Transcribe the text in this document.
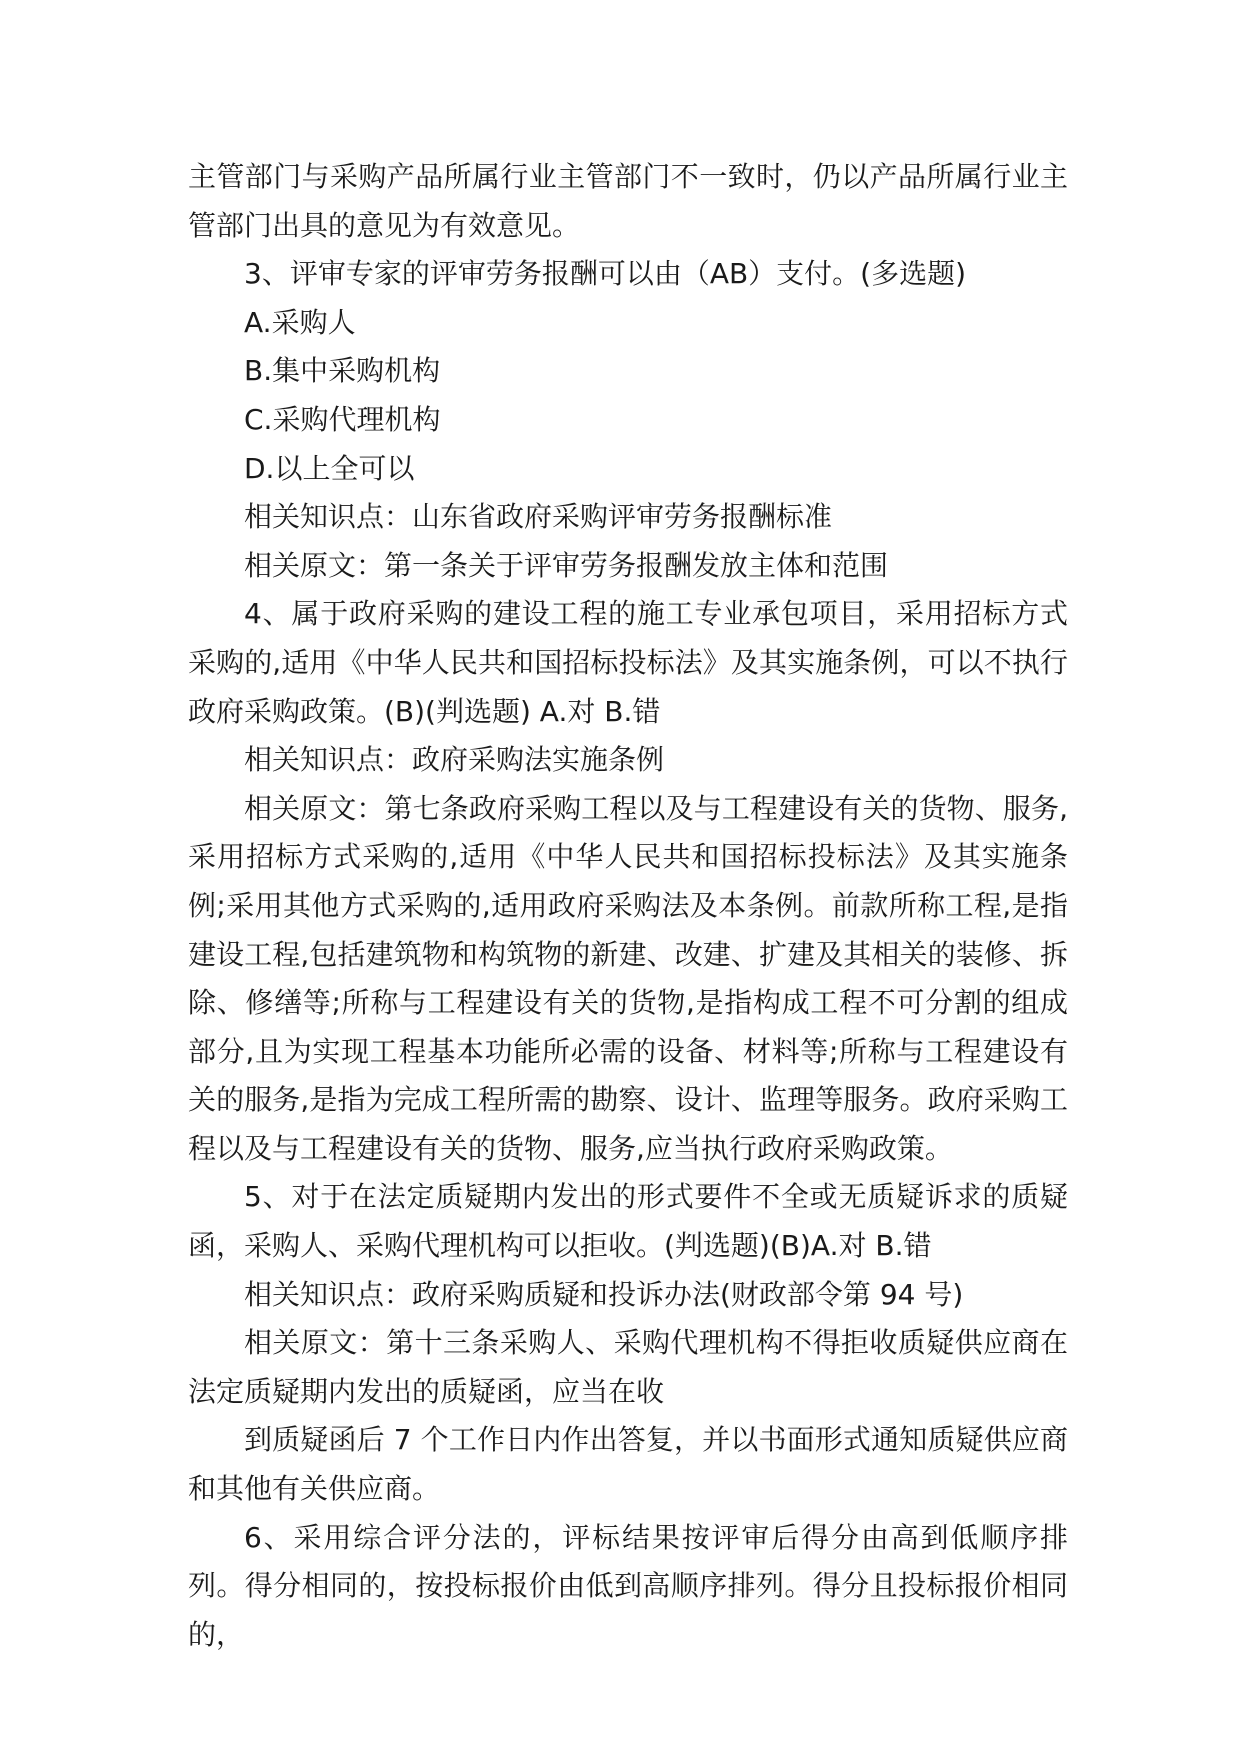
主管部门与采购产品所属行业主管部门不一致时，仍以产品所属行业主管部门出具的意见为有效意见。

3、评审专家的评审劳务报酬可以由（AB）支付。(多选题)

A.采购人

B.集中采购机构

C.采购代理机构

D.以上全可以

相关知识点：山东省政府采购评审劳务报酬标准

相关原文：第一条关于评审劳务报酬发放主体和范围

4、属于政府采购的建设工程的施工专业承包项目，采用招标方式采购的,适用《中华人民共和国招标投标法》及其实施条例，可以不执行政府采购政策。(B)(判选题) A.对 B.错

相关知识点：政府采购法实施条例

相关原文：第七条政府采购工程以及与工程建设有关的货物、服务,采用招标方式采购的,适用《中华人民共和国招标投标法》及其实施条例;采用其他方式采购的,适用政府采购法及本条例。前款所称工程,是指建设工程,包括建筑物和构筑物的新建、改建、扩建及其相关的装修、拆除、修缮等;所称与工程建设有关的货物,是指构成工程不可分割的组成部分,且为实现工程基本功能所必需的设备、材料等;所称与工程建设有关的服务,是指为完成工程所需的勘察、设计、监理等服务。政府采购工程以及与工程建设有关的货物、服务,应当执行政府采购政策。

5、对于在法定质疑期内发出的形式要件不全或无质疑诉求的质疑函，采购人、采购代理机构可以拒收。(判选题)(B)A.对 B.错

相关知识点：政府采购质疑和投诉办法(财政部令第 94 号)

相关原文：第十三条采购人、采购代理机构不得拒收质疑供应商在法定质疑期内发出的质疑函，应当在收

到质疑函后 7 个工作日内作出答复，并以书面形式通知质疑供应商和其他有关供应商。

6、采用综合评分法的，评标结果按评审后得分由高到低顺序排列。得分相同的，按投标报价由低到高顺序排列。得分且投标报价相同的，
